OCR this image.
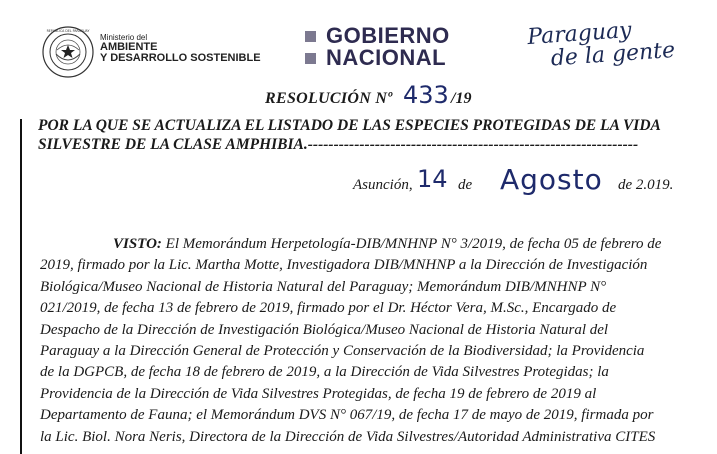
REPUBLICA DEL PARAGUAY
Ministerio del
AMBIENTE
Y DESARROLLO SOSTENIBLE
GOBIERNO
NACIONAL
Paraguay
de la gente
RESOLUCIÓN Nº 433 /19
POR LA QUE SE ACTUALIZA EL LISTADO DE LAS ESPECIES PROTEGIDAS DE LA VIDA
SILVESTRE DE LA CLASE AMPHIBIA.----------------------------------------------------------------
Asunción, 14 de Agosto de 2.019.
VISTO: El Memorándum Herpetología-DIB/MNHNP N° 3/2019, de fecha 05 de febrero de
2019, firmado por la Lic. Martha Motte, Investigadora DIB/MNHNP a la Dirección de Investigación
Biológica/Museo Nacional de Historia Natural del Paraguay; Memorándum DIB/MNHNP N°
021/2019, de fecha 13 de febrero de 2019, firmado por el Dr. Héctor Vera, M.Sc., Encargado de
Despacho de la Dirección de Investigación Biológica/Museo Nacional de Historia Natural del
Paraguay a la Dirección General de Protección y Conservación de la Biodiversidad; la Providencia
de la DGPCB, de fecha 18 de febrero de 2019, a la Dirección de Vida Silvestres Protegidas; la
Providencia de la Dirección de Vida Silvestres Protegidas, de fecha 19 de febrero de 2019 al
Departamento de Fauna; el Memorándum DVS N° 067/19, de fecha 17 de mayo de 2019, firmada por
la Lic. Biol. Nora Neris, Directora de la Dirección de Vida Silvestres/Autoridad Administrativa CITES
